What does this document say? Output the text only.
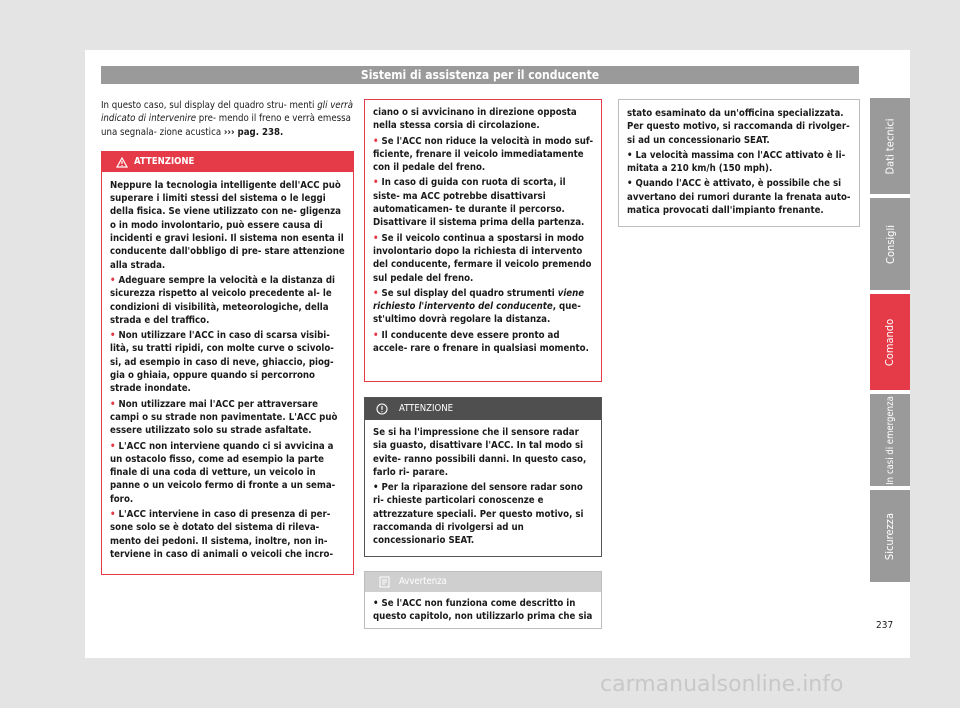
Sistemi di assistenza per il conducente

In questo caso, sul display del quadro stru- menti gli verrà indicato di intervenire pre- mendo il freno e verrà emessa una segnala- zione acustica ››› pag. 238.

ATTENZIONE

Neppure la tecnologia intelligente dell'ACC può superare i limiti stessi del sistema o le leggi della fisica. Se viene utilizzato con ne- gligenza o in modo involontario, può essere causa di incidenti e gravi lesioni. Il sistema non esenta il conducente dall'obbligo di pre- stare attenzione alla strada.

• Adeguare sempre la velocità e la distanza di sicurezza rispetto al veicolo precedente al- le condizioni di visibilità, meteorologiche, della strada e del traffico.

• Non utilizzare l'ACC in caso di scarsa visibi- lità, su tratti ripidi, con molte curve o scivolo- si, ad esempio in caso di neve, ghiaccio, piog- gia o ghiaia, oppure quando si percorrono strade inondate.

• Non utilizzare mai l'ACC per attraversare campi o su strade non pavimentate. L'ACC può essere utilizzato solo su strade asfaltate.

• L'ACC non interviene quando ci si avvicina a un ostacolo fisso, come ad esempio la parte finale di una coda di vetture, un veicolo in panne o un veicolo fermo di fronte a un sema- foro.

• L'ACC interviene in caso di presenza di per- sone solo se è dotato del sistema di rileva- mento dei pedoni. Il sistema, inoltre, non in- terviene in caso di animali o veicoli che incro-

ciano o si avvicinano in direzione opposta nella stessa corsia di circolazione.

• Se l'ACC non riduce la velocità in modo suf- ficiente, frenare il veicolo immediatamente con il pedale del freno.

• In caso di guida con ruota di scorta, il siste- ma ACC potrebbe disattivarsi automaticamen- te durante il percorso. Disattivare il sistema prima della partenza.

• Se il veicolo continua a spostarsi in modo involontario dopo la richiesta di intervento del conducente, fermare il veicolo premendo sul pedale del freno.

• Se sul display del quadro strumenti viene richiesto l'intervento del conducente, que- st'ultimo dovrà regolare la distanza.

• Il conducente deve essere pronto ad accele- rare o frenare in qualsiasi momento.

ATTENZIONE

Se si ha l'impressione che il sensore radar sia guasto, disattivare l'ACC. In tal modo si evite- ranno possibili danni. In questo caso, farlo ri- parare.

• Per la riparazione del sensore radar sono ri- chieste particolari conoscenze e attrezzature speciali. Per questo motivo, si raccomanda di rivolgersi ad un concessionario SEAT.

Avvertenza

• Se l'ACC non funziona come descritto in questo capitolo, non utilizzarlo prima che sia

stato esaminato da un'officina specializzata. Per questo motivo, si raccomanda di rivolger- si ad un concessionario SEAT.

• La velocità massima con l'ACC attivato è li- mitata a 210 km/h (150 mph).

• Quando l'ACC è attivato, è possibile che si avvertano dei rumori durante la frenata auto- matica provocati dall'impianto frenante.

Dati tecnici
Consigli
Comando
In casi di emergenza
Sicurezza
237
carmanualsonline.info
